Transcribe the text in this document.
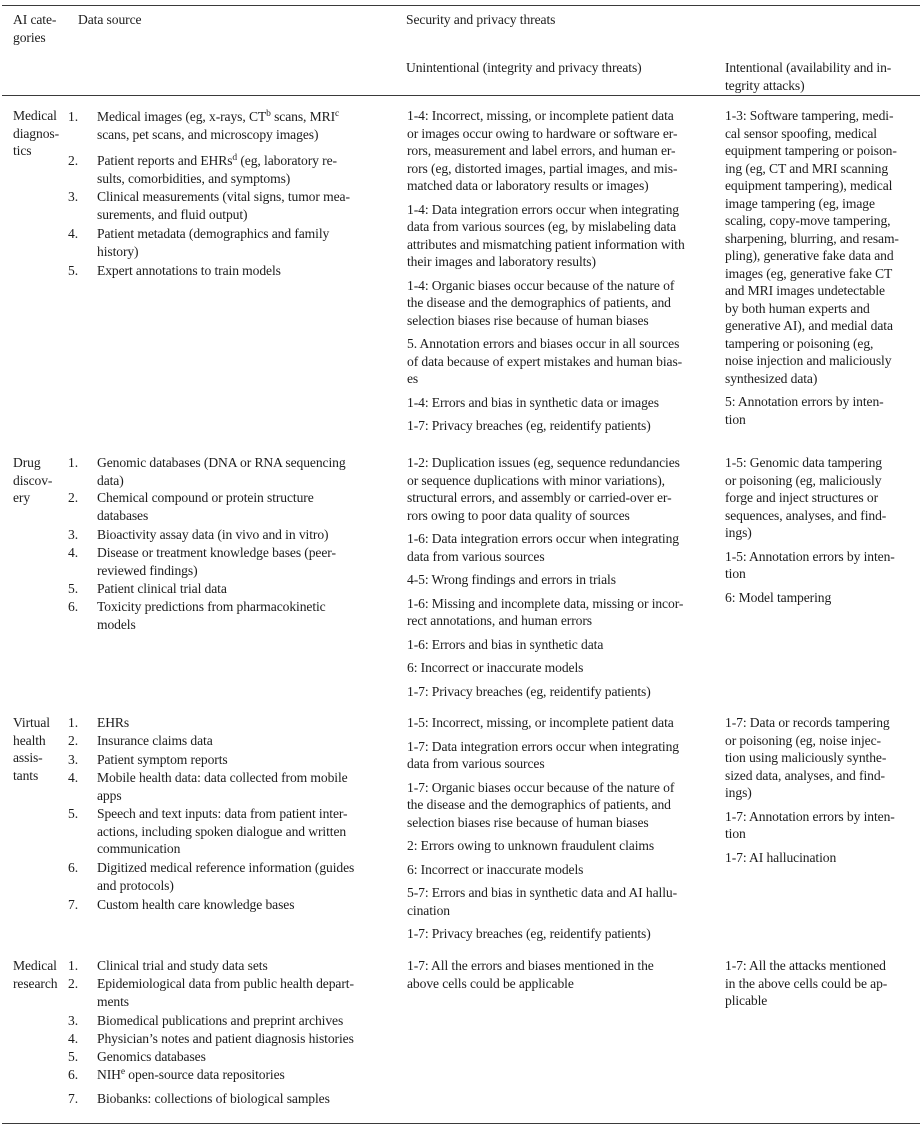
AI cate-
gories
Data source	Security and privacy threats
Unintentional (integrity and privacy threats)	Intentional (availability and in-
tegrity attacks)
Medical
diagnos-
tics
1. Medical images (eg, x-rays, $CT^b$ scans, MRI$^c$
scans, pet scans, and microscopy images)
2. Patient reports and EHRs$^d$ (eg, laboratory re-
sults, comorbidities, and symptoms)
3. Clinical measurements (vital signs, tumor mea-
surements, and fluid output)
4. Patient metadata (demographics and family
history)
5. Expert annotations to train models
1-4: Incorrect, missing, or incomplete patient data
or images occur owing to hardware or software er-
rors, measurement and label errors, and human er-
rors (eg, distorted images, partial images, and mis-
matched data or laboratory results or images)
1-4: Data integration errors occur when integrating
data from various sources (eg, by mislabeling data
attributes and mismatching patient information with
their images and laboratory results)
1-4: Organic biases occur because of the nature of
the disease and the demographics of patients, and
selection biases rise because of human biases
5. Annotation errors and biases occur in all sources
of data because of expert mistakes and human bias-
es
1-4: Errors and bias in synthetic data or images
1-7: Privacy breaches (eg, reidentify patients)
1-3: Software tampering, medi-
cal sensor spoofing, medical
equipment tampering or poison-
ing (eg, CT and MRI scanning
equipment tampering), medical
image tampering (eg, image
scaling, copy-move tampering,
sharpening, blurring, and resam-
pling), generative fake data and
images (eg, generative fake CT
and MRI images undetectable
by both human experts and
generative AI), and medial data
tampering or poisoning (eg,
noise injection and maliciously
synthesized data)
5: Annotation errors by inten-
tion
Drug
discov-
ery
1. Genomic databases (DNA or RNA sequencing
data)
2. Chemical compound or protein structure
databases
3. Bioactivity assay data (in vivo and in vitro)
4. Disease or treatment knowledge bases (peer-
reviewed findings)
5. Patient clinical trial data
6. Toxicity predictions from pharmacokinetic
models
1-2: Duplication issues (eg, sequence redundancies
or sequence duplications with minor variations),
structural errors, and assembly or carried-over er-
rors owing to poor data quality of sources
1-6: Data integration errors occur when integrating
data from various sources
4-5: Wrong findings and errors in trials
1-6: Missing and incomplete data, missing or incor-
rect annotations, and human errors
1-6: Errors and bias in synthetic data
6: Incorrect or inaccurate models
1-7: Privacy breaches (eg, reidentify patients)
1-5: Genomic data tampering
or poisoning (eg, maliciously
forge and inject structures or
sequences, analyses, and find-
ings)
1-5: Annotation errors by inten-
tion
6: Model tampering
Virtual
health
assis-
tants
1. EHRs
2. Insurance claims data
3. Patient symptom reports
4. Mobile health data: data collected from mobile
apps
5. Speech and text inputs: data from patient inter-
actions, including spoken dialogue and written
communication
6. Digitized medical reference information (guides
and protocols)
7. Custom health care knowledge bases
1-5: Incorrect, missing, or incomplete patient data
1-7: Data integration errors occur when integrating
data from various sources
1-7: Organic biases occur because of the nature of
the disease and the demographics of patients, and
selection biases rise because of human biases
2: Errors owing to unknown fraudulent claims
6: Incorrect or inaccurate models
5-7: Errors and bias in synthetic data and AI hallu-
cination
1-7: Privacy breaches (eg, reidentify patients)
1-7: Data or records tampering
or poisoning (eg, noise injec-
tion using maliciously synthe-
sized data, analyses, and find-
ings)
1-7: Annotation errors by inten-
tion
1-7: AI hallucination
Medical
research
1. Clinical trial and study data sets
2. Epidemiological data from public health depart-
ments
3. Biomedical publications and preprint archives
4. Physician’s notes and patient diagnosis histories
5. Genomics databases
6. NIH$^e$ open-source data repositories
7. Biobanks: collections of biological samples
1-7: All the errors and biases mentioned in the
above cells could be applicable
1-7: All the attacks mentioned
in the above cells could be ap-
plicable
